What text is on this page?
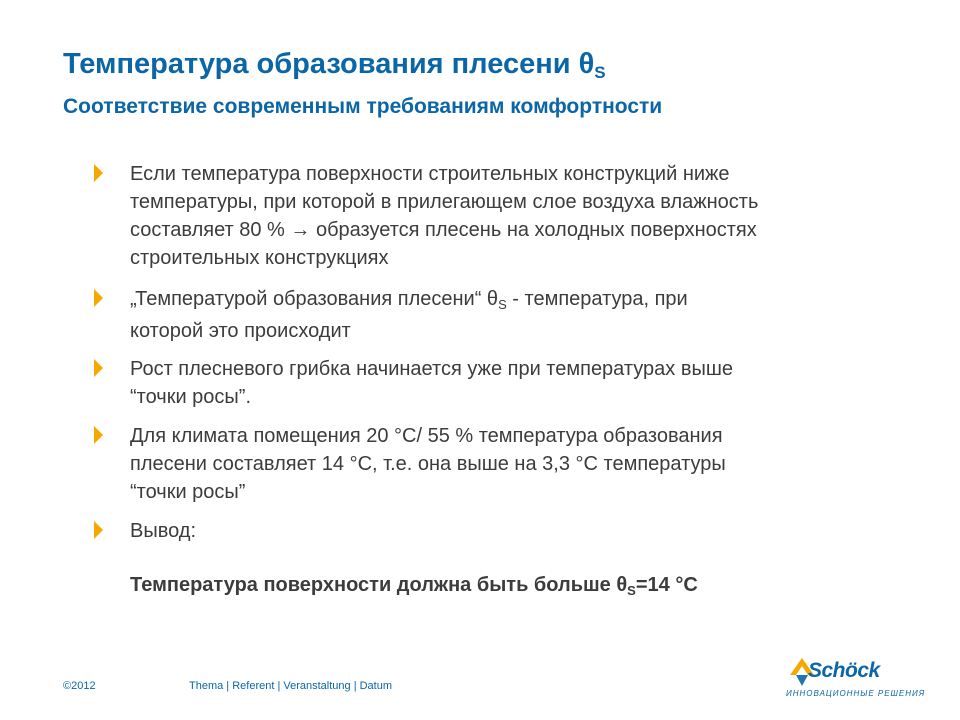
Температура образования плесени $\theta_S$
Соответствие современным требованиям комфортности
Если температура поверхности строительных конструкций ниже
температуры, при которой в прилегающем слое воздуха влажность
составляет 80 % → образуется плесень на холодных поверхностях
строительных конструкциях
„Температурой образования плесени“ $\theta_S$ - температура, при
которой это происходит
Рост плесневого грибка начинается уже при температурах выше
“точки росы”.
Для климата помещения 20 °C/ 55 % температура образования
плесени составляет 14 °C, т.е. она выше на 3,3 °C температуры
“точки росы”
Вывод:

Температура поверхности должна быть больше $\theta_S=14$ °C

©2012	Thema | Referent | Veranstaltung | Datum
Schöck
ИННОВАЦИОННЫЕ РЕШЕНИЯ
